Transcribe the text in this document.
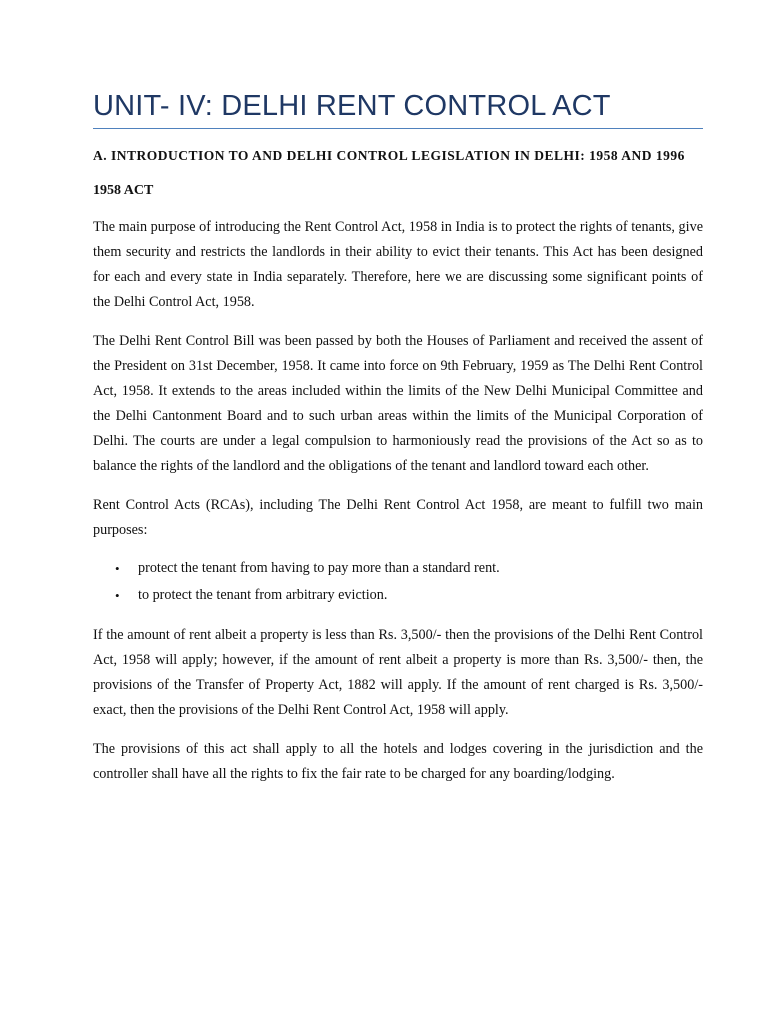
UNIT- IV: DELHI RENT CONTROL ACT

A. INTRODUCTION TO AND DELHI CONTROL LEGISLATION IN DELHI: 1958 AND 1996

1958 ACT

The main purpose of introducing the Rent Control Act, 1958 in India is to protect the rights of tenants, give them security and restricts the landlords in their ability to evict their tenants. This Act has been designed for each and every state in India separately. Therefore, here we are discussing some significant points of the Delhi Control Act, 1958.

The Delhi Rent Control Bill was been passed by both the Houses of Parliament and received the assent of the President on 31st December, 1958. It came into force on 9th February, 1959 as The Delhi Rent Control Act, 1958. It extends to the areas included within the limits of the New Delhi Municipal Committee and the Delhi Cantonment Board and to such urban areas within the limits of the Municipal Corporation of Delhi. The courts are under a legal compulsion to harmoniously read the provisions of the Act so as to balance the rights of the landlord and the obligations of the tenant and landlord toward each other.

Rent Control Acts (RCAs), including The Delhi Rent Control Act 1958, are meant to fulfill two main purposes:

• protect the tenant from having to pay more than a standard rent.
• to protect the tenant from arbitrary eviction.

If the amount of rent albeit a property is less than Rs. 3,500/- then the provisions of the Delhi Rent Control Act, 1958 will apply; however, if the amount of rent albeit a property is more than Rs. 3,500/- then, the provisions of the Transfer of Property Act, 1882 will apply. If the amount of rent charged is Rs. 3,500/- exact, then the provisions of the Delhi Rent Control Act, 1958 will apply.

The provisions of this act shall apply to all the hotels and lodges covering in the jurisdiction and the controller shall have all the rights to fix the fair rate to be charged for any boarding/lodging.
